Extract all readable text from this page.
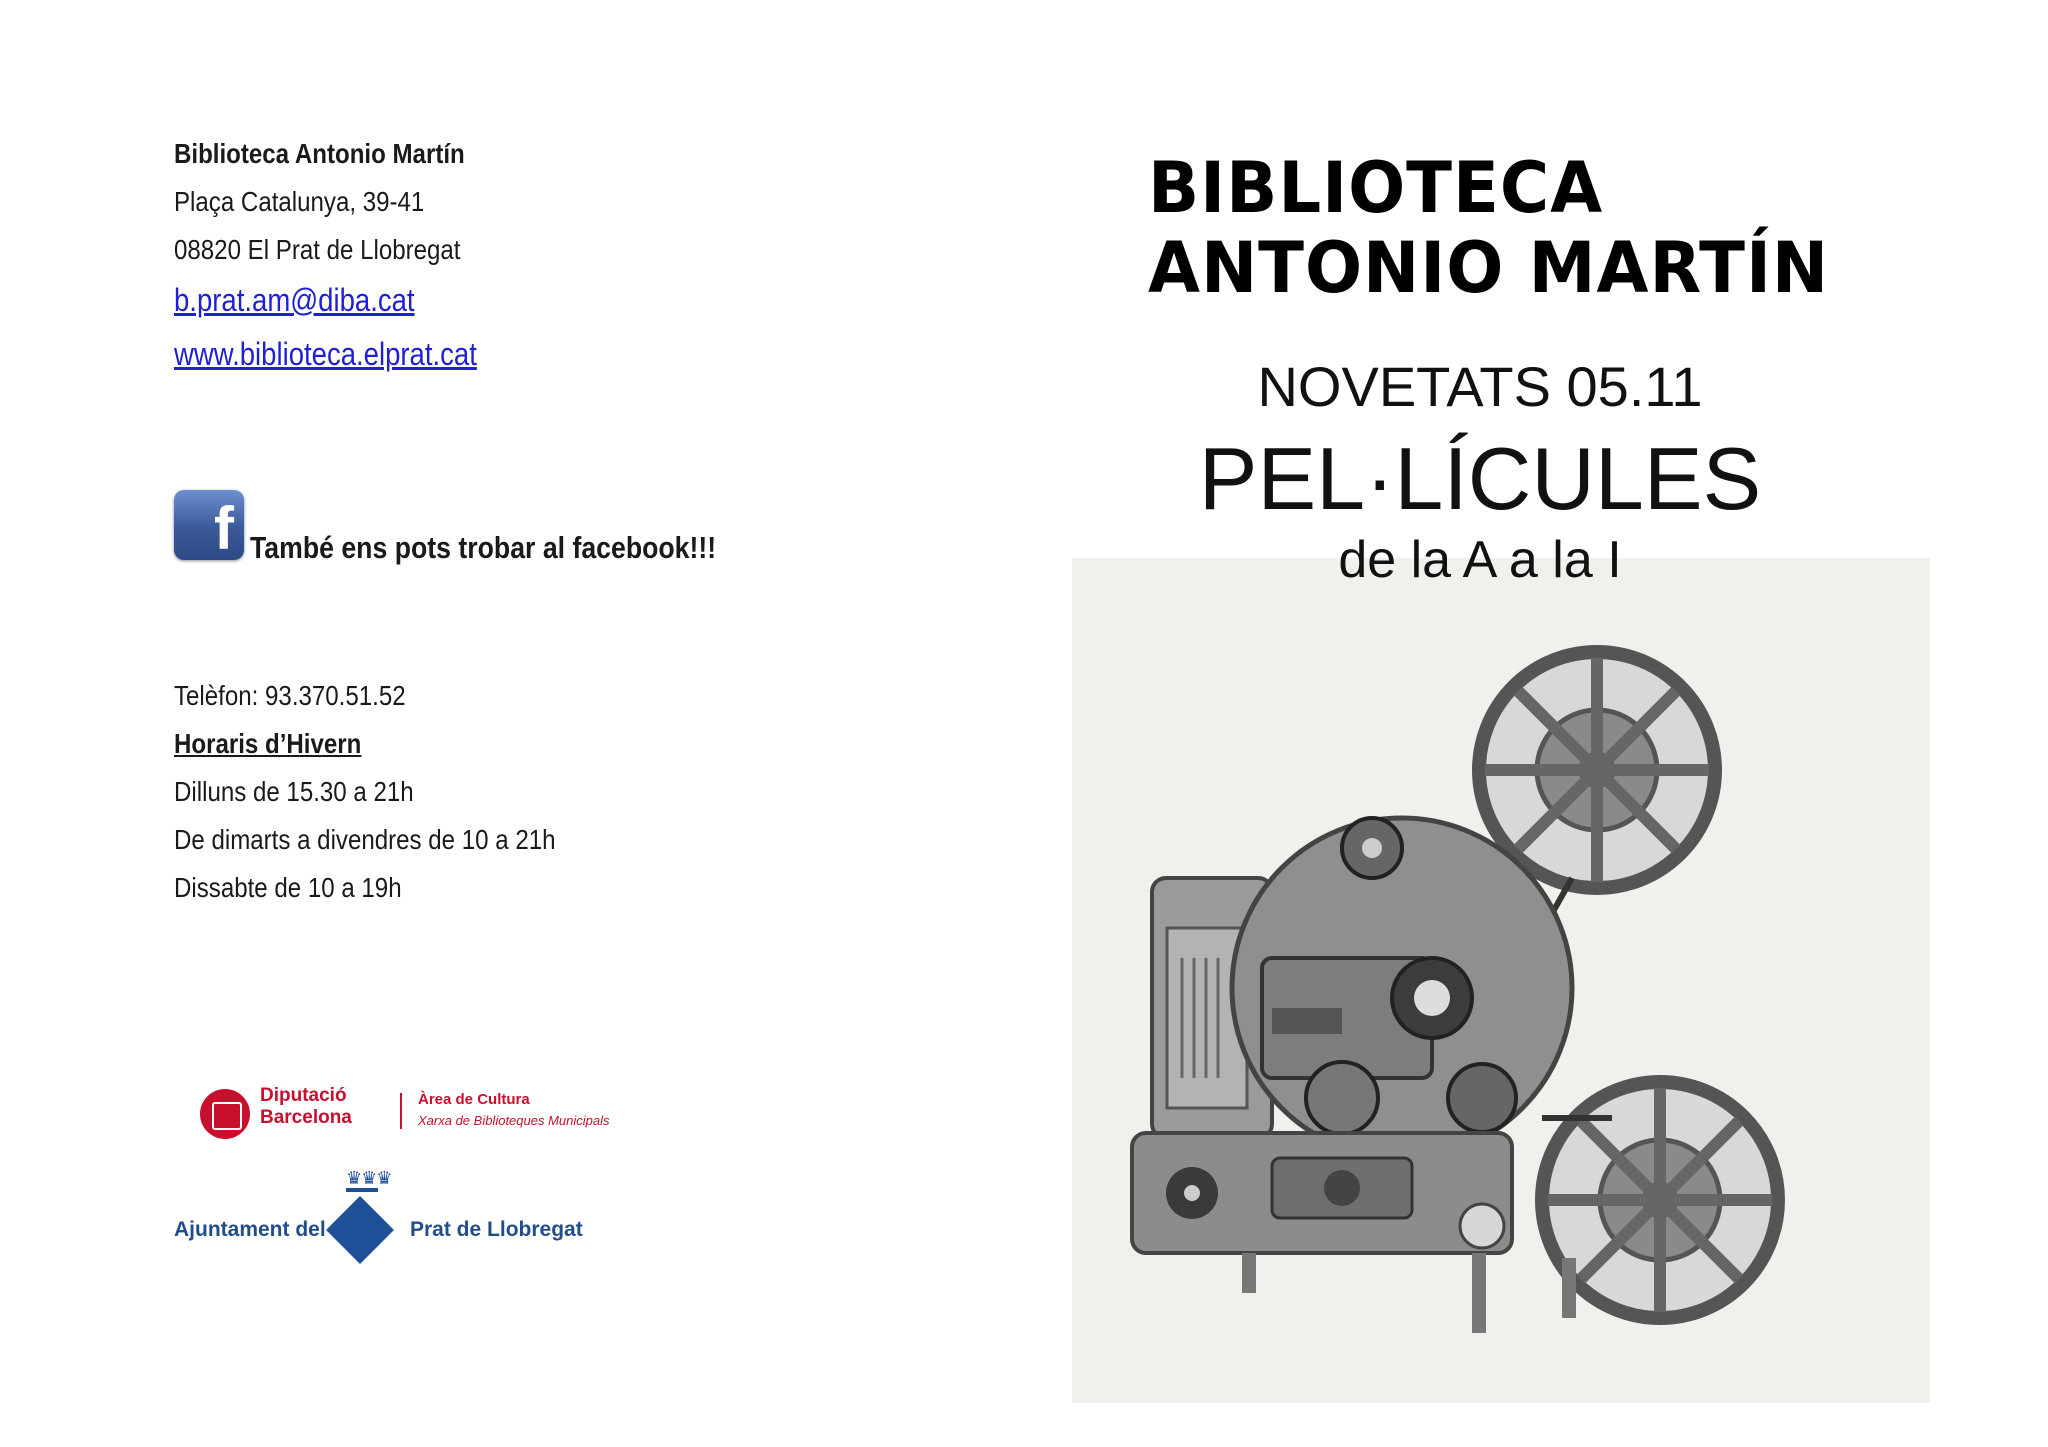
Biblioteca Antonio Martín
Plaça Catalunya, 39-41
08820 El Prat de Llobregat
b.prat.am@diba.cat
www.biblioteca.elprat.cat
f També ens pots trobar al facebook!!!
Telèfon: 93.370.51.52
Horaris d’Hivern
Dilluns de 15.30 a 21h
De dimarts a divendres de 10 a 21h
Dissabte de 10 a 19h
Diputació
Barcelona
Àrea de Cultura
Xarxa de Biblioteques Municipals
♛♛♛
Ajuntament del	Prat de Llobregat
BIBLIOTECA
ANTONIO MARTÍN
NOVETATS 05.11
PEL·LÍCULES
de la A a la I
